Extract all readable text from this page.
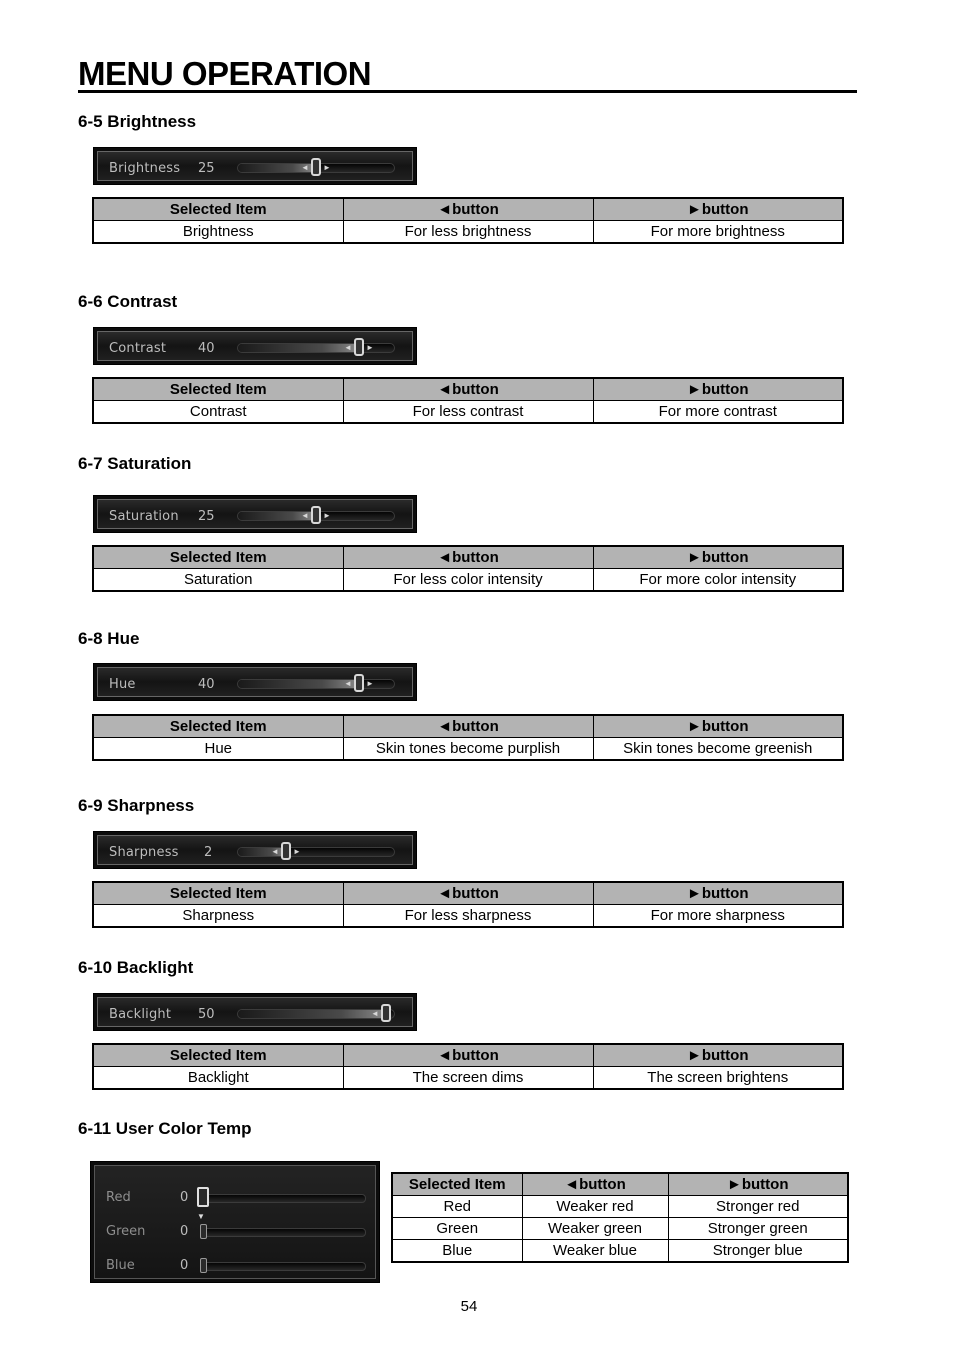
MENU OPERATION
6-5 Brightness
Brightness 25	◄ ►
Selected Item	◄button	►button
Brightness	For less brightness	For more brightness
6-6 Contrast
Contrast 40	◄ ►
Selected Item	◄button	►button
Contrast	For less contrast	For more contrast
6-7 Saturation
Saturation 25	◄ ►
Selected Item	◄button	►button
Saturation	For less color intensity	For more color intensity
6-8 Hue
Hue	40	◄ ►
Selected Item	◄button	►button
Hue	Skin tones become purplish	Skin tones become greenish
6-9 Sharpness
Sharpness 2	◄ ►
Selected Item	◄button	►button
Sharpness	For less sharpness	For more sharpness
6-10 Backlight
Backlight 50	◄
Selected Item	◄button	►button
Backlight	The screen dims	The screen brightens
6-11 User Color Temp
Red	0
▼
Green	0
Blue	0
Selected Item	◄button	►button
Red	Weaker red	Stronger red
Green	Weaker green	Stronger green
Blue	Weaker blue	Stronger blue
54
